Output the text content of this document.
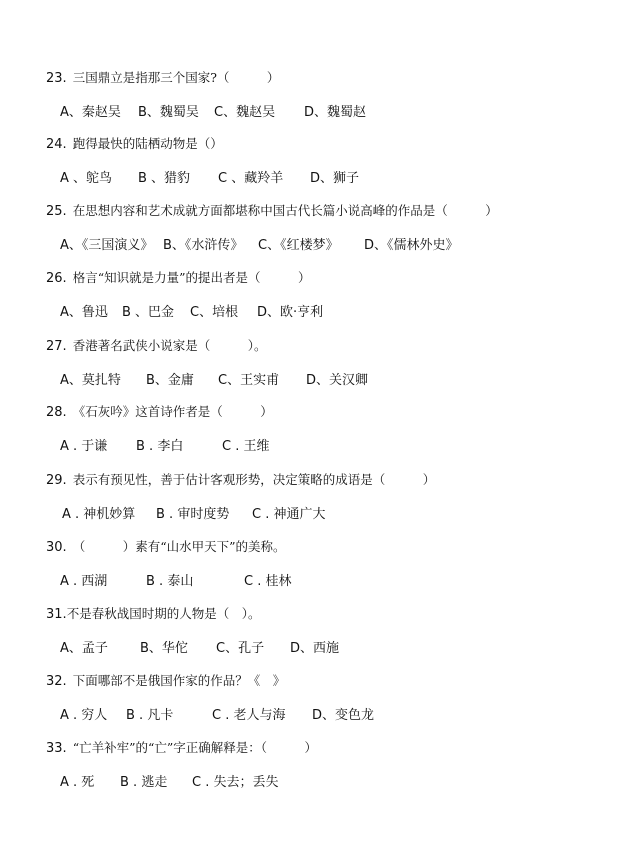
23. 三国鼎立是指那三个国家?（　　　）
A、秦赵吴 B、魏蜀吴 C、魏赵吴 D、魏蜀赵
24. 跑得最快的陆栖动物是（）
A 、鸵鸟 B 、猎豹 C 、藏羚羊 D、狮子
25. 在思想内容和艺术成就方面都堪称中国古代长篇小说高峰的作品是（　　　）
A、《三国演义》 B、《水浒传》 C、《红楼梦》 D、《儒林外史》
26. 格言“知识就是力量”的提出者是（　　　）
A、鲁迅 B 、巴金 C、培根 D、欧·亨利
27. 香港著名武侠小说家是（　　　）。
A、莫扎特 B、金庸 C、王实甫 D、关汉卿
28. 《石灰吟》这首诗作者是（　　　）
A . 于谦 B . 李白	C . 王维
29. 表示有预见性，善于估计客观形势，决定策略的成语是（　　　）
A . 神机妙算 B . 审时度势 C . 神通广大
30. （　　　）素有“山水甲天下”的美称。
A . 西湖	B . 泰山	C . 桂林
31.不是春秋战国时期的人物是（　）。
A、孟子 B、华佗 C、孔子 D、西施
32. 下面哪部不是俄国作家的作品？《　》
A . 穷人 B . 凡卡	C . 老人与海 D、变色龙
33. “亡羊补牢”的“亡”字正确解释是：（　　　）
A . 死 B . 逃走 C . 失去；丢失
